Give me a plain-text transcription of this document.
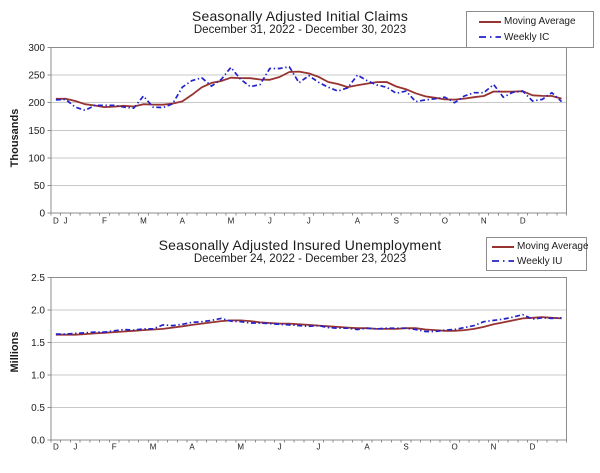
0
50
100
150
200
250
300
D J	F	M	A	M	J	J	A	S	O	N	D
0.0
0.5
1.0
1.5
2.0
2.5
D J	F	M	A	M	J	J	A	S	O	N	D
Seasonally Adjusted Initial Claims
December 31, 2022 - December 30, 2023
Thousands
Moving Average
Weekly IC
Seasonally Adjusted Insured Unemployment
December 24, 2022 - December 23, 2023
Millions
Moving Average
Weekly IU
